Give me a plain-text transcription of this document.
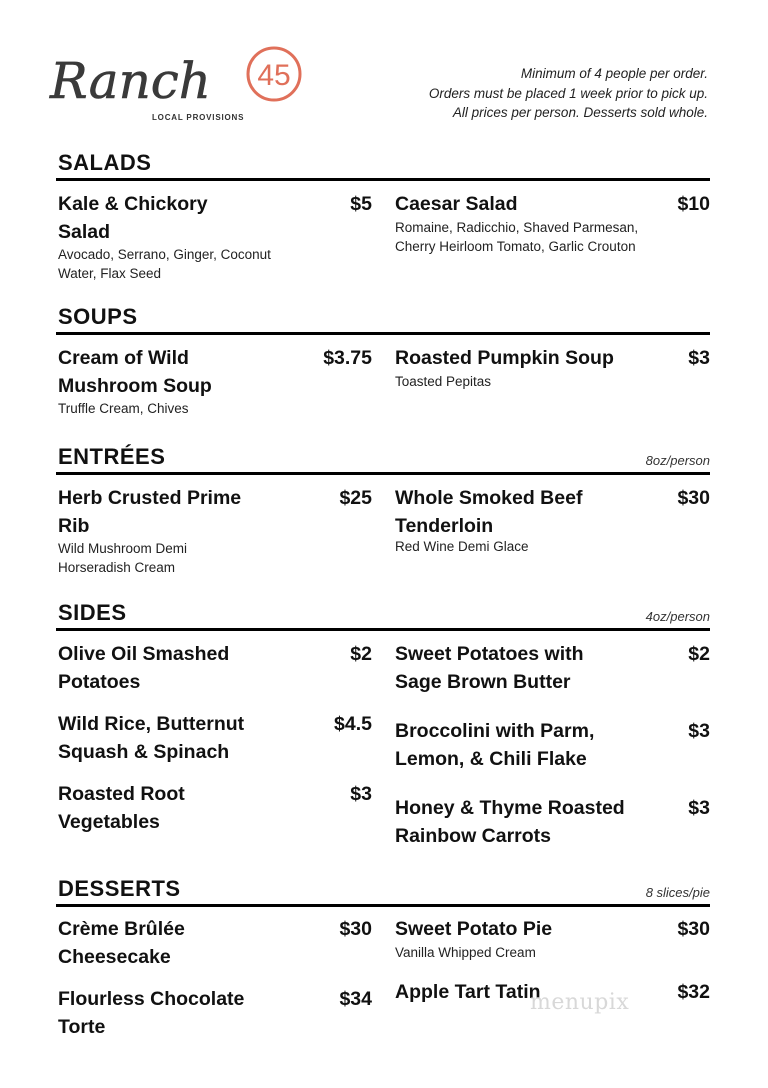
Ranch 45
LOCAL PROVISIONS
Minimum of 4 people per order.
Orders must be placed 1 week prior to pick up.
All prices per person. Desserts sold whole.
SALADS
Kale & Chickory
Salad
$5
Avocado, Serrano, Ginger, Coconut
Water, Flax Seed
Caesar Salad	$10
Romaine, Radicchio, Shaved Parmesan,
Cherry Heirloom Tomato, Garlic Crouton
SOUPS
Cream of Wild
Mushroom Soup
$3.75
Truffle Cream, Chives
Roasted Pumpkin Soup	$3
Toasted Pepitas
ENTRÉES	8oz/person
Herb Crusted Prime
Rib
$25
Wild Mushroom Demi
Horseradish Cream
Whole Smoked Beef
Tenderloin
$30
Red Wine Demi Glace
SIDES	4oz/person
Olive Oil Smashed
Potatoes
$2
Wild Rice, Butternut
Squash & Spinach
$4.5
Roasted Root
Vegetables
$3
Sweet Potatoes with
Sage Brown Butter
$2
Broccolini with Parm,
Lemon, & Chili Flake
$3
Honey & Thyme Roasted
Rainbow Carrots
$3
DESSERTS	8 slices/pie
Crème Brûlée
Cheesecake
$30
Flourless Chocolate
Torte
$34
Sweet Potato Pie	$30
Vanilla Whipped Cream
Apple Tart Tatin	$32
menupix
